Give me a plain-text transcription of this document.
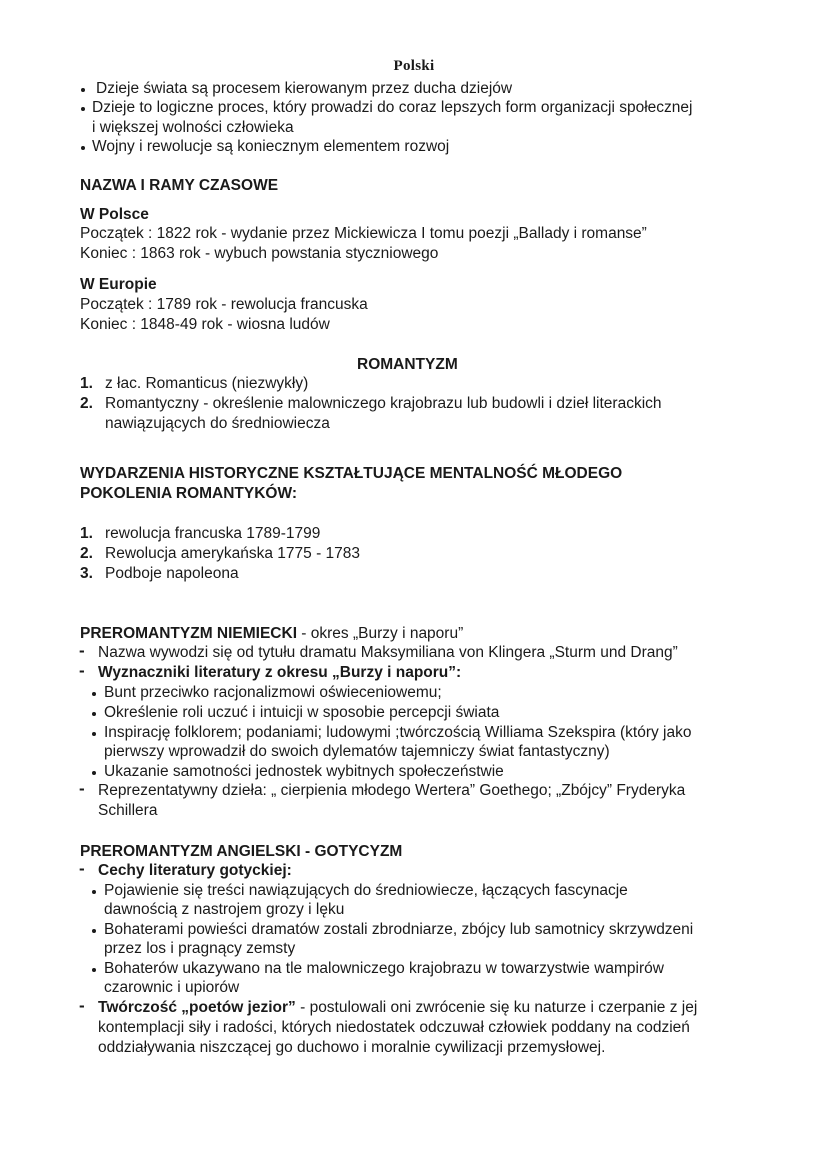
Polski
Dzieje świata są procesem kierowanym przez ducha dziejów
Dzieje to logiczne proces, który prowadzi do coraz lepszych form organizacji społecznej
i większej wolności człowieka
Wojny i rewolucje są koniecznym elementem rozwoj
NAZWA I RAMY CZASOWE
W Polsce
Początek : 1822 rok - wydanie przez Mickiewicza I tomu poezji „Ballady i romanse”
Koniec : 1863 rok - wybuch powstania styczniowego
W Europie
Początek : 1789 rok - rewolucja francuska
Koniec : 1848-49 rok - wiosna ludów
ROMANTYZM
1. z łac. Romanticus (niezwykły)
2. Romantyczny - określenie malowniczego krajobrazu lub budowli i dzieł literackich
nawiązujących do średniowiecza
WYDARZENIA HISTORYCZNE KSZTAŁTUJĄCE MENTALNOŚĆ MŁODEGO
POKOLENIA ROMANTYKÓW:
1. rewolucja francuska 1789-1799
2. Rewolucja amerykańska 1775 - 1783
3. Podboje napoleona
PREROMANTYZM NIEMIECKI - okres „Burzy i naporu”
- Nazwa wywodzi się od tytułu dramatu Maksymiliana von Klingera „Sturm und Drang”
- Wyznaczniki literatury z okresu „Burzy i naporu”:
Bunt przeciwko racjonalizmowi oświeceniowemu;
Określenie roli uczuć i intuicji w sposobie percepcji świata
Inspirację folklorem; podaniami; ludowymi ;twórczością Williama Szekspira (który jako
pierwszy wprowadził do swoich dylematów tajemniczy świat fantastyczny)
Ukazanie samotności jednostek wybitnych społeczeństwie
- Reprezentatywny dzieła: „ cierpienia młodego Wertera” Goethego; „Zbójcy” Fryderyka
Schillera
PREROMANTYZM ANGIELSKI - GOTYCYZM
- Cechy literatury gotyckiej:
Pojawienie się treści nawiązujących do średniowiecze, łączących fascynacje
dawnością z nastrojem grozy i lęku
Bohaterami powieści dramatów zostali zbrodniarze, zbójcy lub samotnicy skrzywdzeni
przez los i pragnący zemsty
Bohaterów ukazywano na tle malowniczego krajobrazu w towarzystwie wampirów
czarownic i upiorów
- Twórczość „poetów jezior” - postulowali oni zwrócenie się ku naturze i czerpanie z jej
kontemplacji siły i radości, których niedostatek odczuwał człowiek poddany na codzień
oddziaływania niszczącej go duchowo i moralnie cywilizacji przemysłowej.
